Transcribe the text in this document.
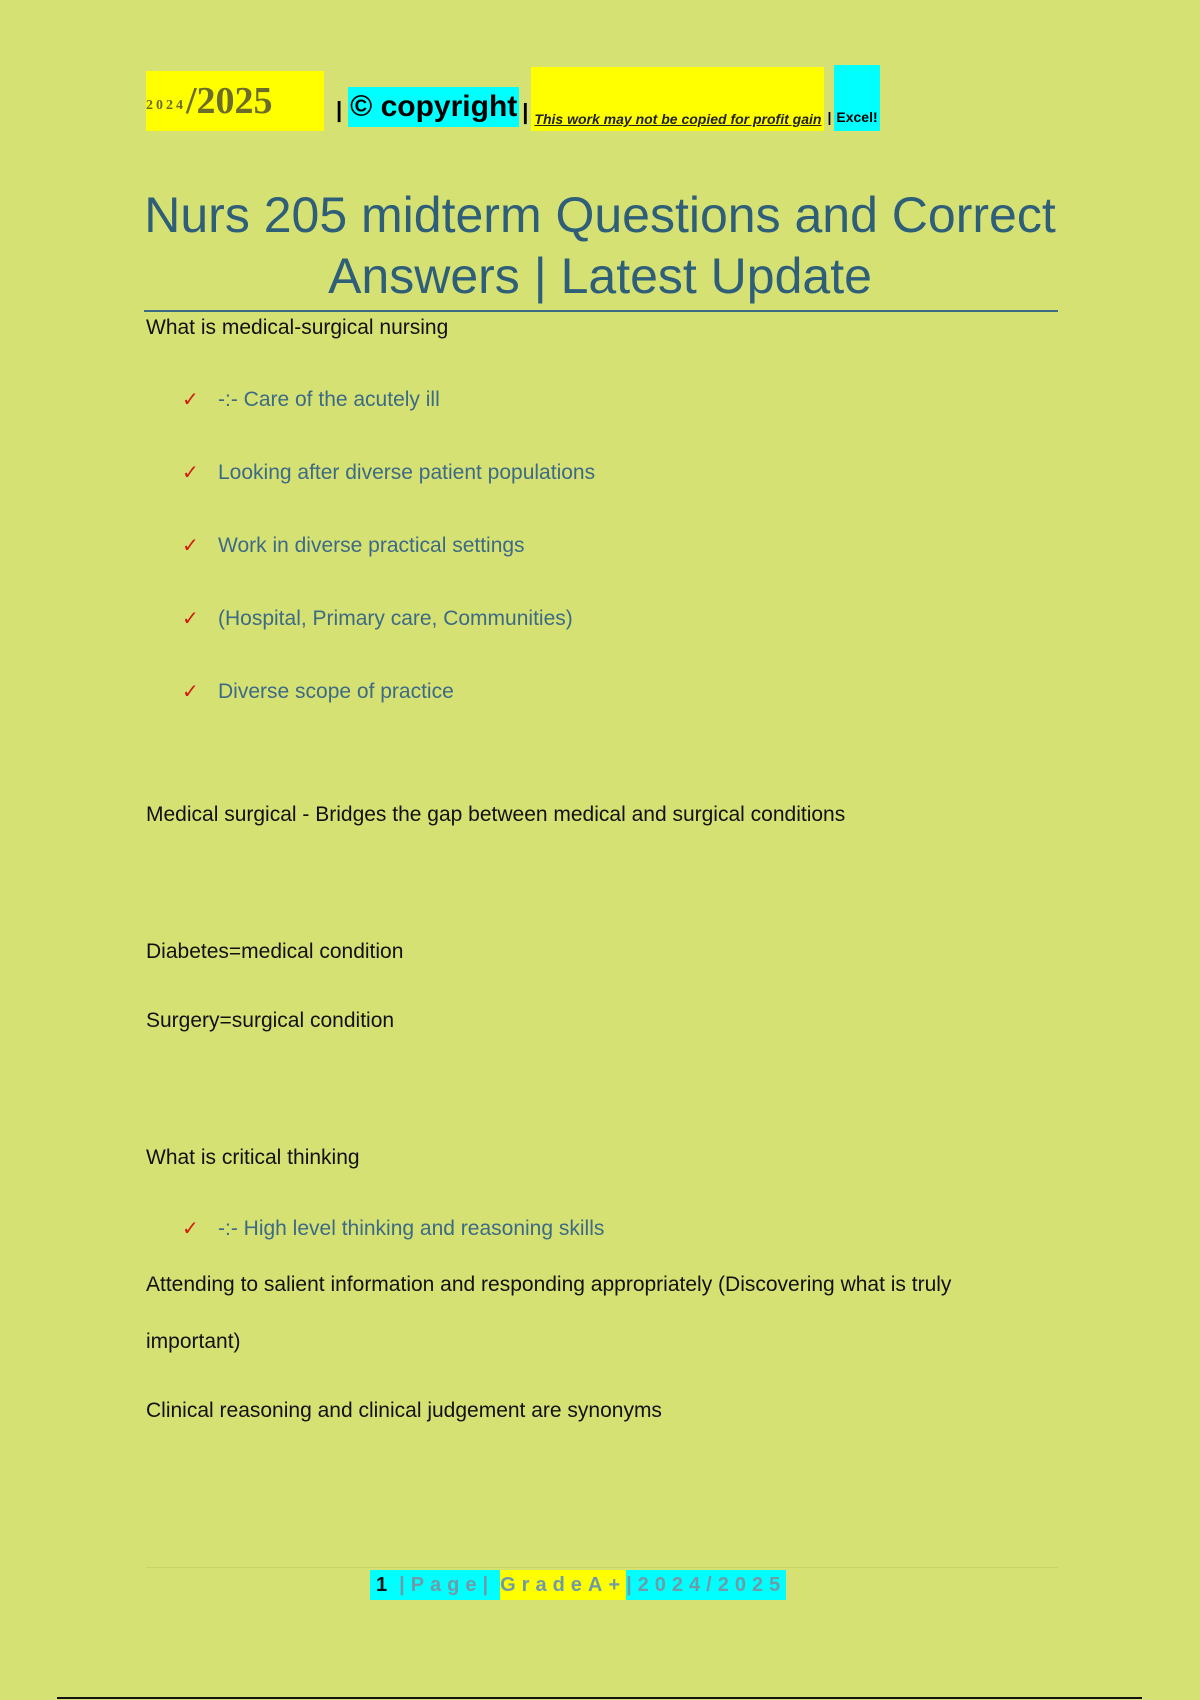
2024 /2025	| © copyright | This work may not be copied for profit gain | Excel!
Nurs 205 midterm Questions and Correct Answers | Latest Update

What is medical-surgical nursing

✓ -:- Care of the acutely ill
✓ Looking after diverse patient populations
✓ Work in diverse practical settings
✓ (Hospital, Primary care, Communities)
✓ Diverse scope of practice

Medical surgical - Bridges the gap between medical and surgical conditions

Diabetes=medical condition

Surgery=surgical condition

What is critical thinking

✓ -:- High level thinking and reasoning skills

Attending to salient information and responding appropriately (Discovering what is truly

important)

Clinical reasoning and clinical judgement are synonyms

1 |Page| GradeA+ |2024/2025
